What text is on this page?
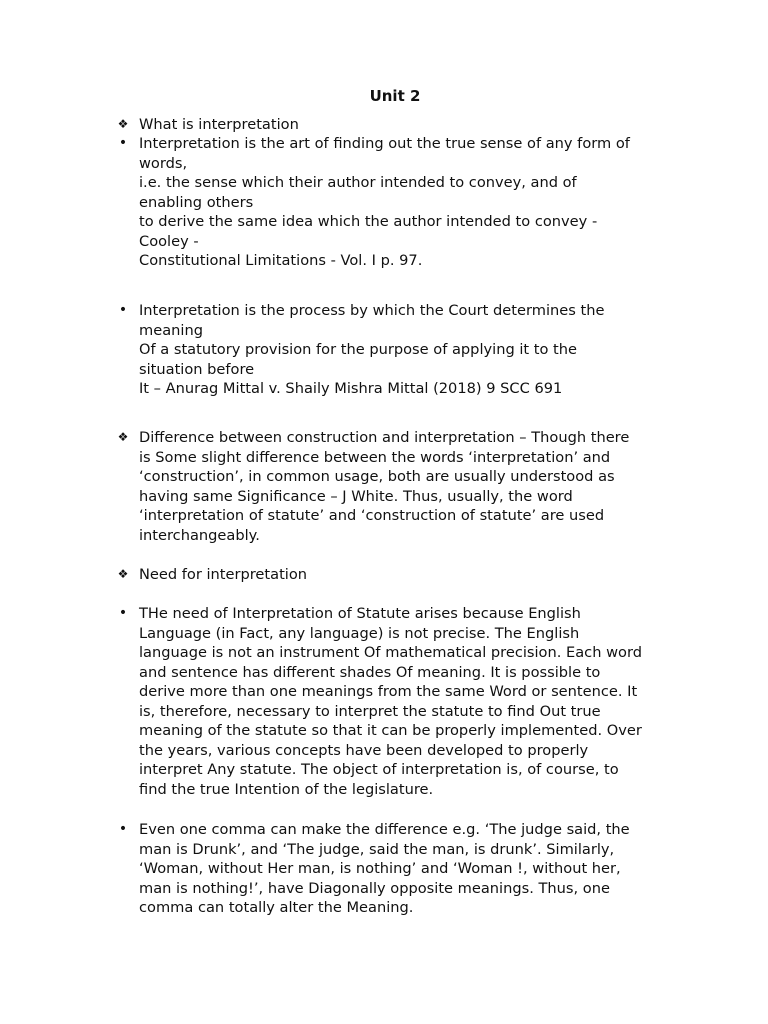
Unit 2
❖ What is interpretation
• Interpretation is the art of finding out the true sense of any form of
words,
i.e. the sense which their author intended to convey, and of
enabling others
to derive the same idea which the author intended to convey -
Cooley -
Constitutional Limitations - Vol. I p. 97.
• Interpretation is the process by which the Court determines the
meaning
Of a statutory provision for the purpose of applying it to the
situation before
It – Anurag Mittal v. Shaily Mishra Mittal (2018) 9 SCC 691
❖ Difference between construction and interpretation – Though there
is Some slight difference between the words ‘interpretation’ and
‘construction’, in common usage, both are usually understood as
having same Significance – J White. Thus, usually, the word
‘interpretation of statute’ and ‘construction of statute’ are used
interchangeably.
❖ Need for interpretation
• THe need of Interpretation of Statute arises because English
Language (in Fact, any language) is not precise. The English
language is not an instrument Of mathematical precision. Each word
and sentence has different shades Of meaning. It is possible to
derive more than one meanings from the same Word or sentence. It
is, therefore, necessary to interpret the statute to find Out true
meaning of the statute so that it can be properly implemented. Over
the years, various concepts have been developed to properly
interpret Any statute. The object of interpretation is, of course, to
find the true Intention of the legislature.
• Even one comma can make the difference e.g. ‘The judge said, the
man is Drunk’, and ‘The judge, said the man, is drunk’. Similarly,
‘Woman, without Her man, is nothing’ and ‘Woman !, without her,
man is nothing!’, have Diagonally opposite meanings. Thus, one
comma can totally alter the Meaning.
